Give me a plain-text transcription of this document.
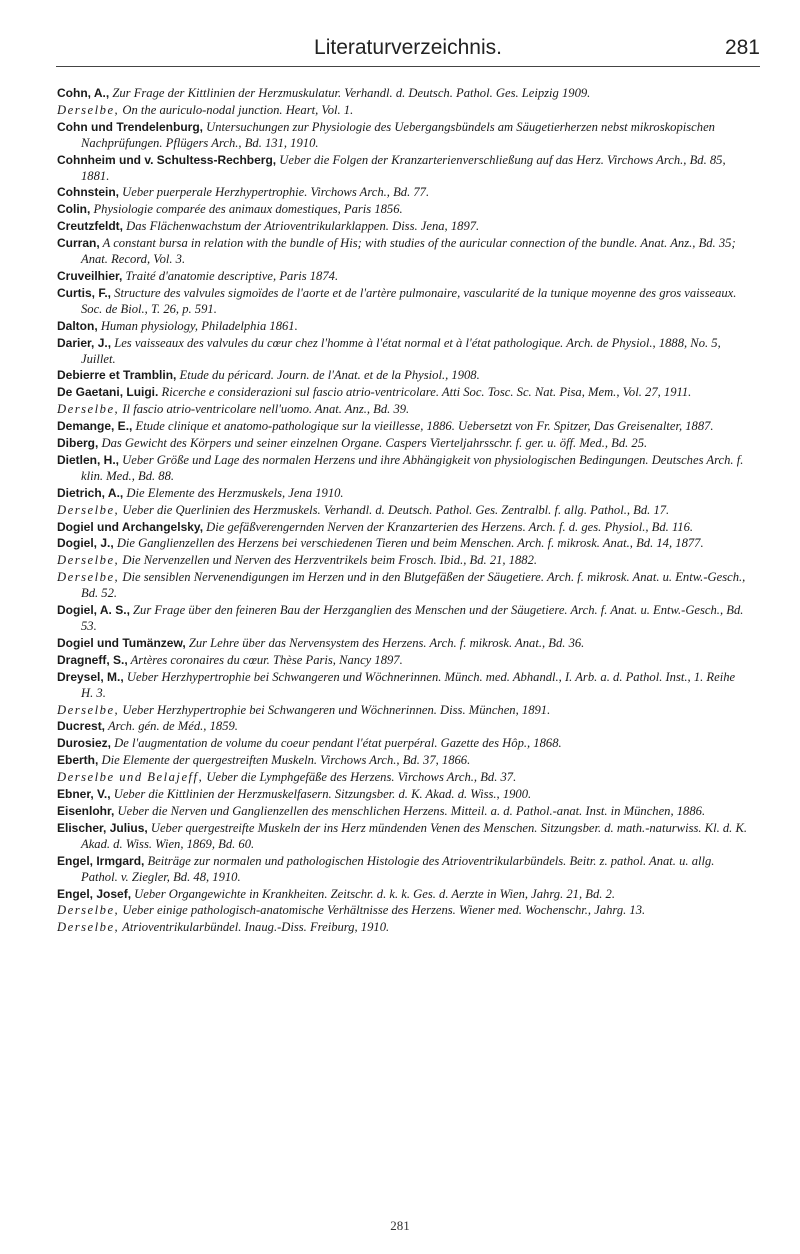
Literaturverzeichnis.	281

Cohn, A., Zur Frage der Kittlinien der Herzmuskulatur. Verhandl. d. Deutsch. Pathol. Ges. Leipzig 1909.

Derselbe, On the auriculo-nodal junction. Heart, Vol. 1.

Cohn und Trendelenburg, Untersuchungen zur Physiologie des Uebergangsbündels am Säugetierherzen nebst mikroskopischen Nachprüfungen. Pflügers Arch., Bd. 131, 1910.

Cohnheim und v. Schultess-Rechberg, Ueber die Folgen der Kranzarterienverschließung auf das Herz. Virchows Arch., Bd. 85, 1881.

Cohnstein, Ueber puerperale Herzhypertrophie. Virchows Arch., Bd. 77.

Colin, Physiologie comparée des animaux domestiques, Paris 1856.

Creutzfeldt, Das Flächenwachstum der Atrioventrikularklappen. Diss. Jena, 1897.

Curran, A constant bursa in relation with the bundle of His; with studies of the auricular connection of the bundle. Anat. Anz., Bd. 35; Anat. Record, Vol. 3.

Cruveilhier, Traité d'anatomie descriptive, Paris 1874.

Curtis, F., Structure des valvules sigmoïdes de l'aorte et de l'artère pulmonaire, vascularité de la tunique moyenne des gros vaisseaux. Soc. de Biol., T. 26, p. 591.

Dalton, Human physiology, Philadelphia 1861.

Darier, J., Les vaisseaux des valvules du cœur chez l'homme à l'état normal et à l'état pathologique. Arch. de Physiol., 1888, No. 5, Juillet.

Debierre et Tramblin, Etude du péricard. Journ. de l'Anat. et de la Physiol., 1908.

De Gaetani, Luigi. Ricerche e considerazioni sul fascio atrio-ventricolare. Atti Soc. Tosc. Sc. Nat. Pisa, Mem., Vol. 27, 1911.

Derselbe, Il fascio atrio-ventricolare nell'uomo. Anat. Anz., Bd. 39.

Demange, E., Etude clinique et anatomo-pathologique sur la vieillesse, 1886. Uebersetzt von Fr. Spitzer, Das Greisenalter, 1887.

Diberg, Das Gewicht des Körpers und seiner einzelnen Organe. Caspers Vierteljahrsschr. f. ger. u. öff. Med., Bd. 25.

Dietlen, H., Ueber Größe und Lage des normalen Herzens und ihre Abhängigkeit von physiologischen Bedingungen. Deutsches Arch. f. klin. Med., Bd. 88.

Dietrich, A., Die Elemente des Herzmuskels, Jena 1910.

Derselbe, Ueber die Querlinien des Herzmuskels. Verhandl. d. Deutsch. Pathol. Ges. Zentralbl. f. allg. Pathol., Bd. 17.

Dogiel und Archangelsky, Die gefäßverengernden Nerven der Kranzarterien des Herzens. Arch. f. d. ges. Physiol., Bd. 116.

Dogiel, J., Die Ganglienzellen des Herzens bei verschiedenen Tieren und beim Menschen. Arch. f. mikrosk. Anat., Bd. 14, 1877.

Derselbe, Die Nervenzellen und Nerven des Herzventrikels beim Frosch. Ibid., Bd. 21, 1882.

Derselbe, Die sensiblen Nervenendigungen im Herzen und in den Blutgefäßen der Säugetiere. Arch. f. mikrosk. Anat. u. Entw.-Gesch., Bd. 52.

Dogiel, A. S., Zur Frage über den feineren Bau der Herzganglien des Menschen und der Säugetiere. Arch. f. Anat. u. Entw.-Gesch., Bd. 53.

Dogiel und Tumänzew, Zur Lehre über das Nervensystem des Herzens. Arch. f. mikrosk. Anat., Bd. 36.

Dragneff, S., Artères coronaires du cœur. Thèse Paris, Nancy 1897.

Dreysel, M., Ueber Herzhypertrophie bei Schwangeren und Wöchnerinnen. Münch. med. Abhandl., I. Arb. a. d. Pathol. Inst., 1. Reihe H. 3.

Derselbe, Ueber Herzhypertrophie bei Schwangeren und Wöchnerinnen. Diss. München, 1891.

Ducrest, Arch. gén. de Méd., 1859.

Durosiez, De l'augmentation de volume du coeur pendant l'état puerpéral. Gazette des Hôp., 1868.

Eberth, Die Elemente der quergestreiften Muskeln. Virchows Arch., Bd. 37, 1866.

Derselbe und Belajeff, Ueber die Lymphgefäße des Herzens. Virchows Arch., Bd. 37.

Ebner, V., Ueber die Kittlinien der Herzmuskelfasern. Sitzungsber. d. K. Akad. d. Wiss., 1900.

Eisenlohr, Ueber die Nerven und Ganglienzellen des menschlichen Herzens. Mitteil. a. d. Pathol.-anat. Inst. in München, 1886.

Elischer, Julius, Ueber quergestreifte Muskeln der ins Herz mündenden Venen des Menschen. Sitzungsber. d. math.-naturwiss. Kl. d. K. Akad. d. Wiss. Wien, 1869, Bd. 60.

Engel, Irmgard, Beiträge zur normalen und pathologischen Histologie des Atrioventrikularbündels. Beitr. z. pathol. Anat. u. allg. Pathol. v. Ziegler, Bd. 48, 1910.

Engel, Josef, Ueber Organgewichte in Krankheiten. Zeitschr. d. k. k. Ges. d. Aerzte in Wien, Jahrg. 21, Bd. 2.

Derselbe, Ueber einige pathologisch-anatomische Verhältnisse des Herzens. Wiener med. Wochenschr., Jahrg. 13.

Derselbe, Atrioventrikularbündel. Inaug.-Diss. Freiburg, 1910.

281
